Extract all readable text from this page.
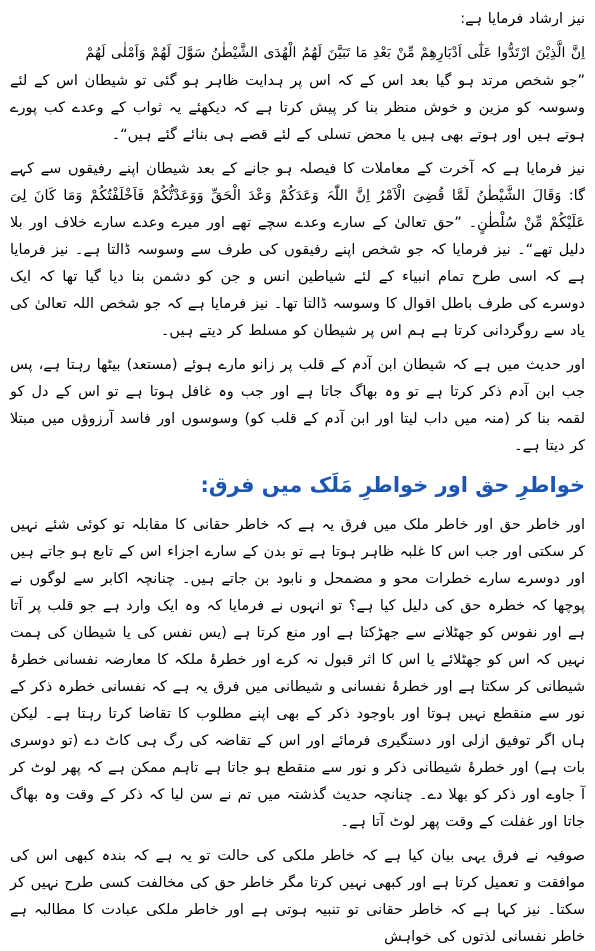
نیز ارشاد فرمایا ہے:

اِنَّ الَّذِیْنَ ارْتَدُّوا عَلٰٓی اَدْبَارِھِمْ مِّنْ بَعْدِ مَا تَبَیَّنَ لَھُمُ الْھُدَی الشَّیْطٰنُ سَوَّلَ لَھُمْ وَاَمْلٰی لَھُمْ

”جو شخص مرتد ہو گیا بعد اس کے کہ اس پر ہدایت ظاہر ہو گئی تو شیطان اس کے لئے وسوسہ کو مزین و خوش منظر بنا کر پیش کرتا ہے کہ دیکھئے یہ ثواب کے وعدے کب پورے ہوتے ہیں اور ہوتے بھی ہیں یا محض تسلی کے لئے قصے ہی بنائے گئے ہیں“۔

نیز فرمایا ہے کہ آخرت کے معاملات کا فیصلہ ہو جانے کے بعد شیطان اپنے رفیقوں سے کہے گا: وَقَالَ الشَّیْطٰنُ لَمَّا قُضِیَ الْاَمْرُ اِنَّ اللّٰہَ وَعَدَکُمْ وَعْدَ الْحَقِّ وَوَعَدْتُّکُمْ فَاَخْلَفْتُکُمْ وَمَا کَانَ لِیَ عَلَیْکُمْ مِّنْ سُلْطٰنٍ۔ ”حق تعالیٰ کے سارے وعدے سچے تھے اور میرے وعدے سارے خلاف اور بلا دلیل تھے“۔ نیز فرمایا کہ جو شخص اپنے رفیقوں کی طرف سے وسوسہ ڈالتا ہے۔ نیز فرمایا ہے کہ اسی طرح تمام انبیاء کے لئے شیاطین انس و جن کو دشمن بنا دیا گیا تھا کہ ایک دوسرے کی طرف باطل اقوال کا وسوسہ ڈالتا تھا۔ نیز فرمایا ہے کہ جو شخص اللہ تعالیٰ کی یاد سے روگردانی کرتا ہے ہم اس پر شیطان کو مسلط کر دیتے ہیں۔

اور حدیث میں ہے کہ شیطان ابن آدم کے قلب پر زانو مارے ہوئے (مستعد) بیٹھا رہتا ہے، پس جب ابن آدم ذکر کرتا ہے تو وہ بھاگ جاتا ہے اور جب وہ غافل ہوتا ہے تو اس کے دل کو لقمہ بنا کر (منہ میں داب لیتا اور ابن آدم کے قلب کو) وسوسوں اور فاسد آرزوؤں میں مبتلا کر دیتا ہے۔

خواطرِ حق اور خواطرِ مَلَک میں فرق:

اور خاطر حق اور خاطر ملک میں فرق یہ ہے کہ خاطر حقانی کا مقابلہ تو کوئی شئے نہیں کر سکتی اور جب اس کا غلبہ ظاہر ہوتا ہے تو بدن کے سارے اجزاء اس کے تابع ہو جاتے ہیں اور دوسرے سارے خطرات محو و مضمحل و نابود بن جاتے ہیں۔ چنانچہ اکابر سے لوگوں نے پوچھا کہ خطرہ حق کی دلیل کیا ہے؟ تو انہوں نے فرمایا کہ وہ ایک وارد ہے جو قلب پر آتا ہے اور نفوس کو جھٹلانے سے جھڑکتا ہے اور منع کرتا ہے (یس نفس کی یا شیطان کی ہمت نہیں کہ اس کو جھٹلائے یا اس کا اثر قبول نہ کرے اور خطرۂ ملکہ کا معارضہ نفسانی خطرۂ شیطانی کر سکتا ہے اور خطرۂ نفسانی و شیطانی میں فرق یہ ہے کہ نفسانی خطرہ ذکر کے نور سے منقطع نہیں ہوتا اور باوجود ذکر کے بھی اپنے مطلوب کا تقاضا کرتا رہتا ہے۔ لیکن ہاں اگر توفیق ازلی اور دستگیری فرمائے اور اس کے تقاضہ کی رگ ہی کاٹ دے (تو دوسری بات ہے) اور خطرۂ شیطانی ذکر و نور سے منقطع ہو جاتا ہے تاہم ممکن ہے کہ پھر لوٹ کر آ جاوے اور ذکر کو بھلا دے۔ چنانچہ حدیث گذشتہ میں تم نے سن لیا کہ ذکر کے وقت وہ بھاگ جاتا اور غفلت کے وقت پھر لوٹ آتا ہے۔

صوفیہ نے فرق یہی بیان کیا ہے کہ خاطر ملکی کی حالت تو یہ ہے کہ بندہ کبھی اس کی موافقت و تعمیل کرتا ہے اور کبھی نہیں کرتا مگر خاطر حق کی مخالفت کسی طرح نہیں کر سکتا۔ نیز کہا ہے کہ خاطر حقانی تو تنبیہ ہوتی ہے اور خاطر ملکی عبادت کا مطالبہ ہے خاطر نفسانی لذتوں کی خواہش
